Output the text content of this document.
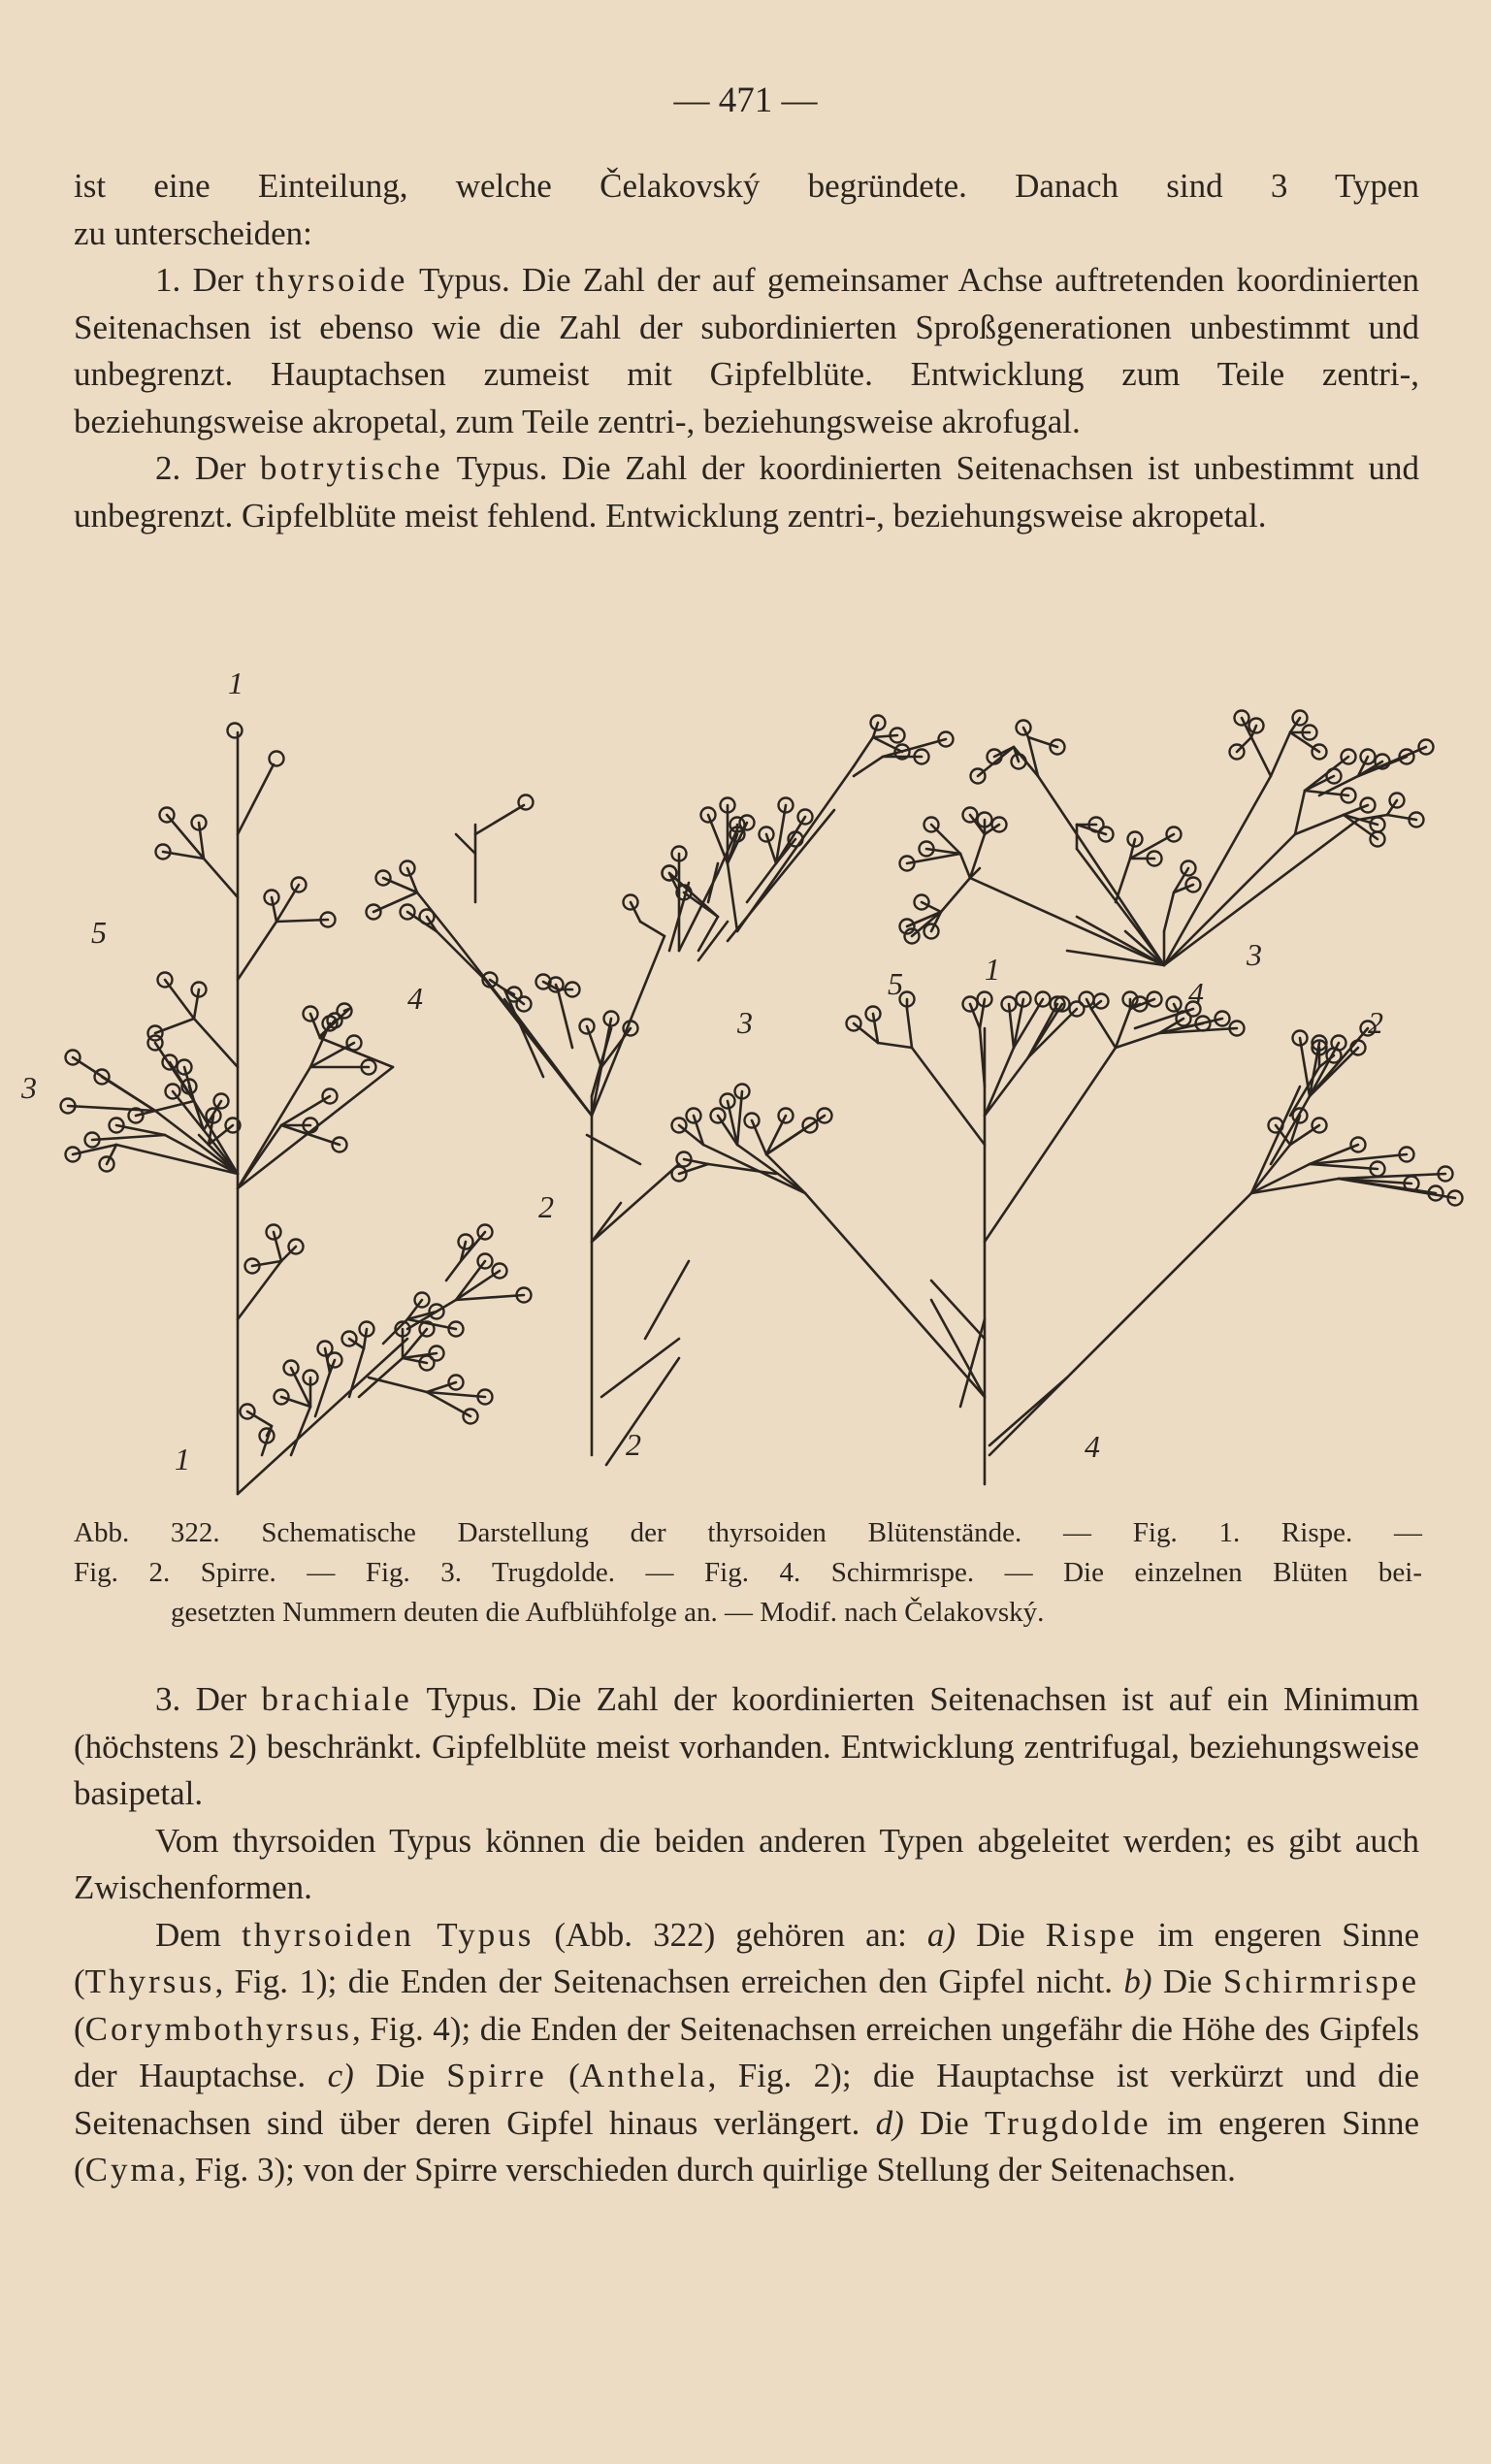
— 471 —

ist eine Einteilung, welche Čelakovský begründete. Danach sind 3 Typen

zu unterscheiden:

1. Der thyrsoide Typus. Die Zahl der auf gemeinsamer Achse auftretenden koordinierten Seitenachsen ist ebenso wie die Zahl der subordinierten Sproßgenerationen unbestimmt und unbegrenzt. Hauptachsen zumeist mit Gipfelblüte. Entwicklung zum Teile zentri-, beziehungsweise akropetal, zum Teile zentri-, beziehungsweise akrofugal.

2. Der botrytische Typus. Die Zahl der koordinierten Seitenachsen ist unbestimmt und unbegrenzt. Gipfelblüte meist fehlend. Entwicklung zentri-, beziehungsweise akropetal.

1
5
3
4
2
1	2
3
5	1
4
3
2
4
Abb. 322. Schematische Darstellung der thyrsoiden Blütenstände. — Fig. 1. Rispe. —
Fig. 2. Spirre. — Fig. 3. Trugdolde. — Fig. 4. Schirmrispe. — Die einzelnen Blüten bei-
gesetzten Nummern deuten die Aufblühfolge an. — Modif. nach Čelakovský.

3. Der brachiale Typus. Die Zahl der koordinierten Seitenachsen ist auf ein Minimum (höchstens 2) beschränkt. Gipfelblüte meist vorhanden. Entwicklung zentrifugal, beziehungsweise basipetal.

Vom thyrsoiden Typus können die beiden anderen Typen abgeleitet werden; es gibt auch Zwischenformen.

Dem thyrsoiden Typus (Abb. 322) gehören an: a) Die Rispe im engeren Sinne (Thyrsus, Fig. 1); die Enden der Seitenachsen erreichen den Gipfel nicht. b) Die Schirmrispe (Corymbothyrsus, Fig. 4); die Enden der Seitenachsen erreichen ungefähr die Höhe des Gipfels der Hauptachse. c) Die Spirre (Anthela, Fig. 2); die Hauptachse ist verkürzt und die Seitenachsen sind über deren Gipfel hinaus verlängert. d) Die Trugdolde im engeren Sinne (Cyma, Fig. 3); von der Spirre verschieden durch quirlige Stellung der Seitenachsen.
